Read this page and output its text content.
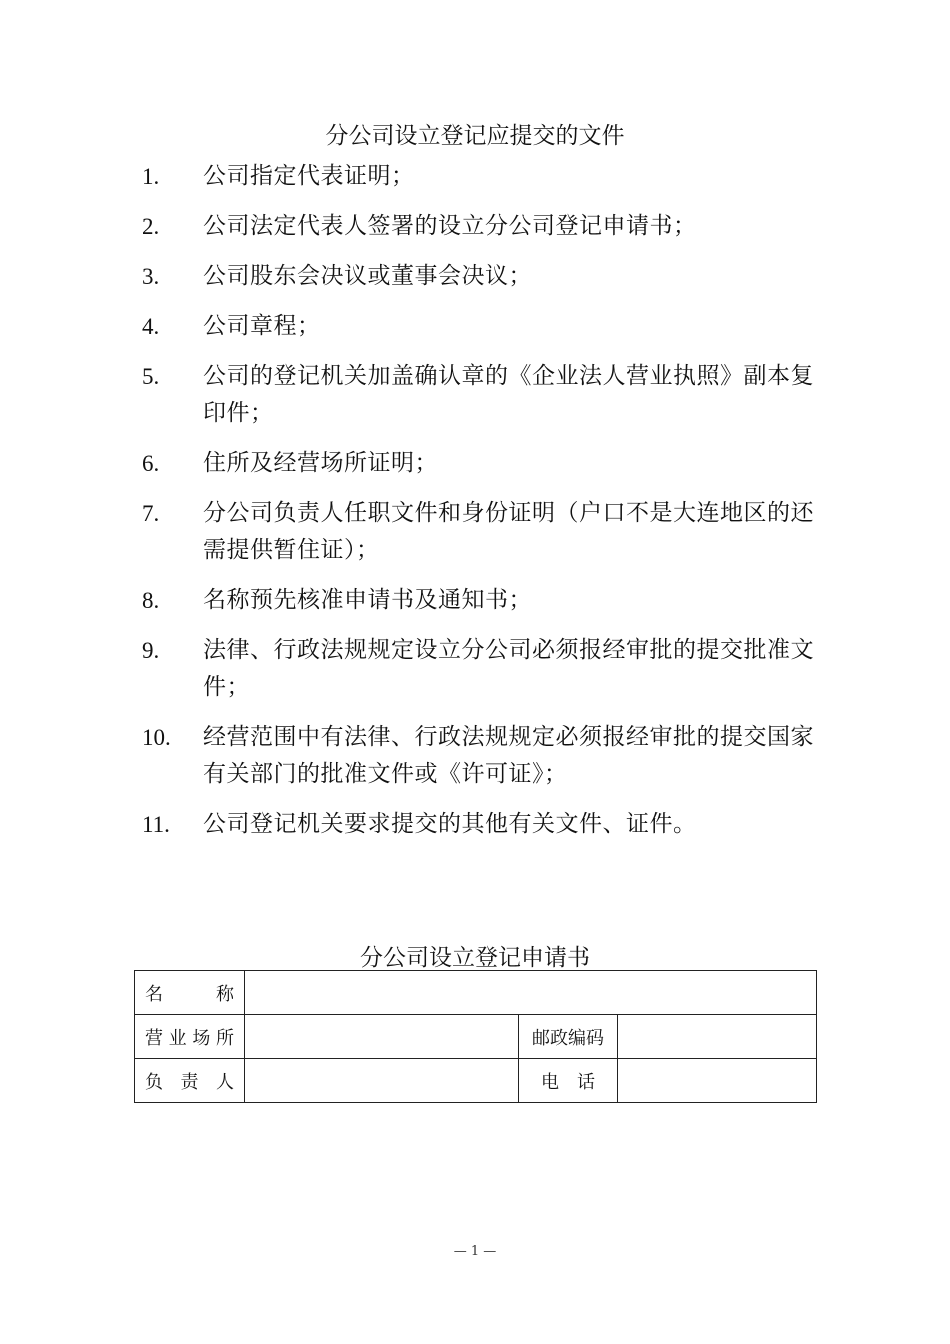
分公司设立登记应提交的文件
1. 公司指定代表证明；
2. 公司法定代表人签署的设立分公司登记申请书；
3. 公司股东会决议或董事会决议；
4. 公司章程；
5. 公司的登记机关加盖确认章的《企业法人营业执照》副本复印件；
6. 住所及经营场所证明；
7. 分公司负责人任职文件和身份证明（户口不是大连地区的还需提供暂住证）；
8. 名称预先核准申请书及通知书；
9. 法律、行政法规规定设立分公司必须报经审批的提交批准文件；
10. 经营范围中有法律、行政法规规定必须报经审批的提交国家有关部门的批准文件或《许可证》；
11. 公司登记机关要求提交的其他有关文件、证件。
分公司设立登记申请书
名 称			

营 业 场 所		邮政编码	

负 责 人		电话	

— 1 —
